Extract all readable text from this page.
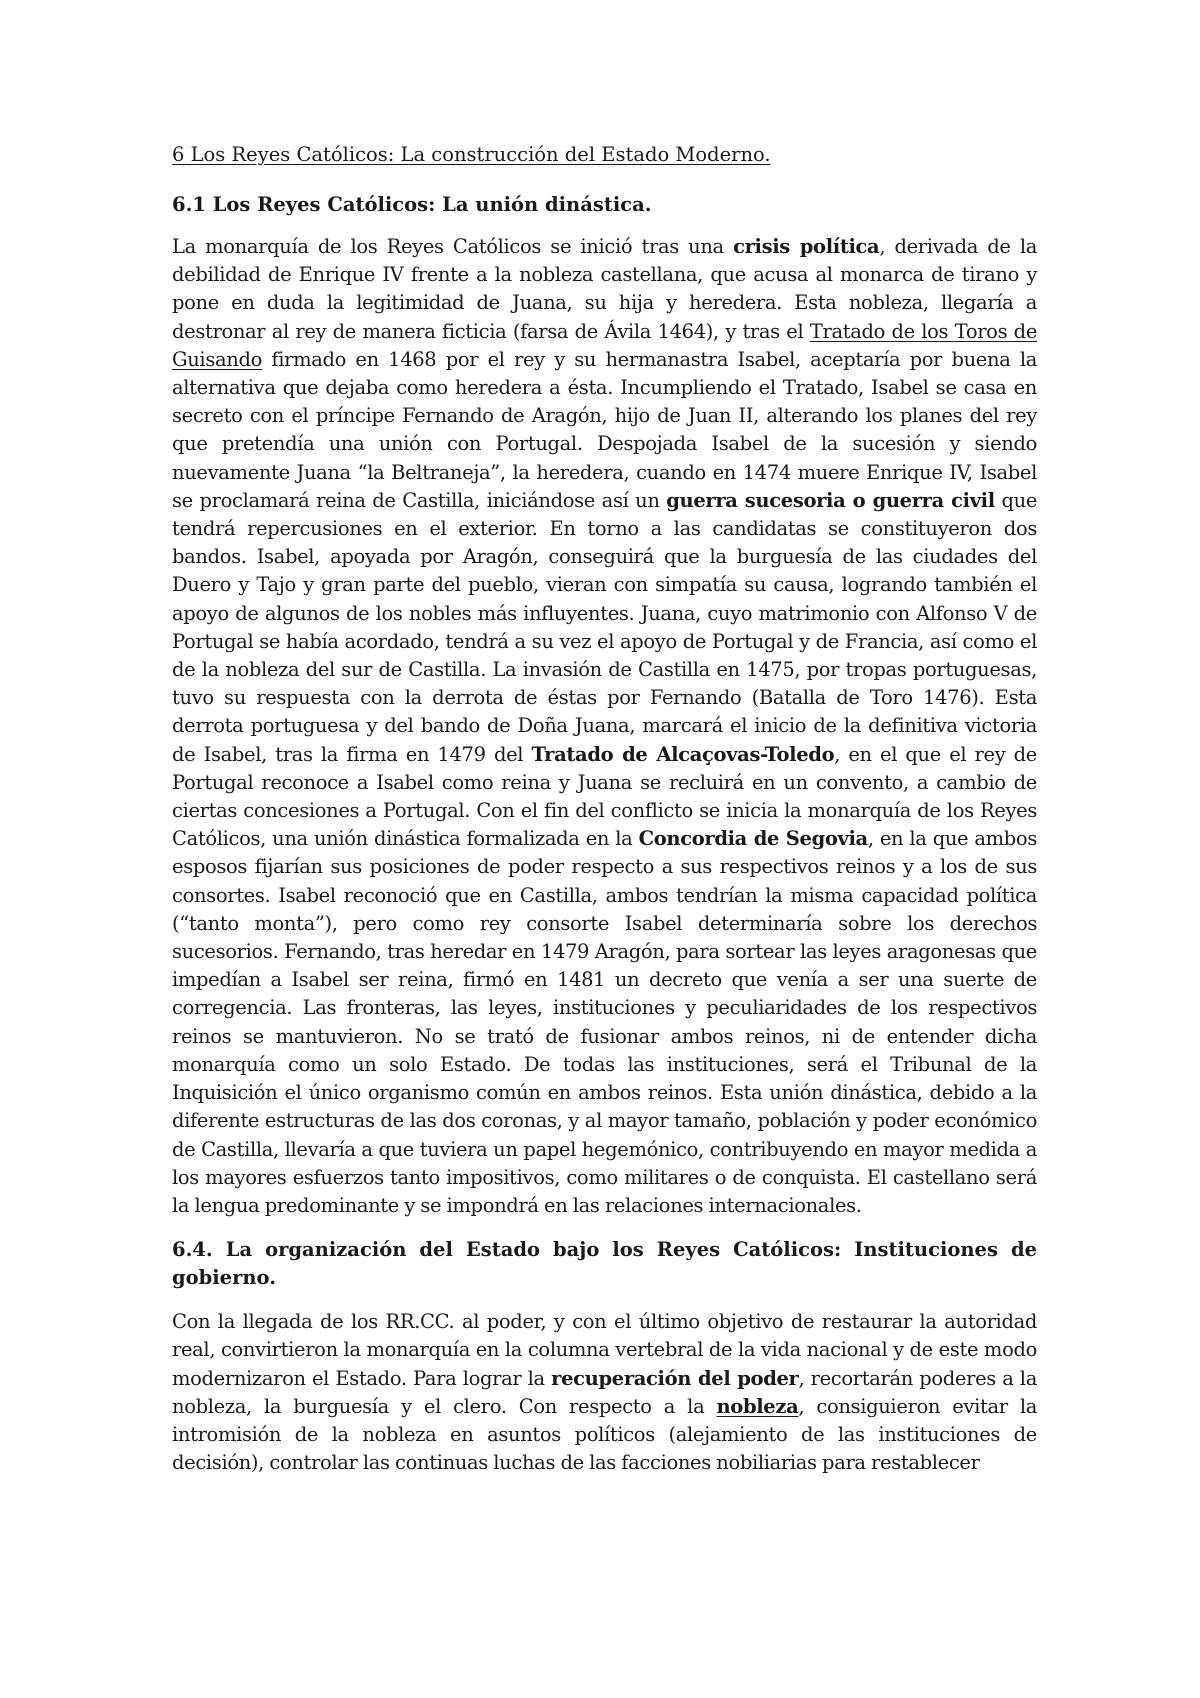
6 Los Reyes Católicos: La construcción del Estado Moderno.
6.1 Los Reyes Católicos: La unión dinástica.

La monarquía de los Reyes Católicos se inició tras una crisis política, derivada de la debilidad de Enrique IV frente a la nobleza castellana, que acusa al monarca de tirano y pone en duda la legitimidad de Juana, su hija y heredera. Esta nobleza, llegaría a destronar al rey de manera ficticia (farsa de Ávila 1464), y tras el Tratado de los Toros de Guisando firmado en 1468 por el rey y su hermanastra Isabel, aceptaría por buena la alternativa que dejaba como heredera a ésta. Incumpliendo el Tratado, Isabel se casa en secreto con el príncipe Fernando de Aragón, hijo de Juan II, alterando los planes del rey que pretendía una unión con Portugal. Despojada Isabel de la sucesión y siendo nuevamente Juana “la Beltraneja”, la heredera, cuando en 1474 muere Enrique IV, Isabel se proclamará reina de Castilla, iniciándose así un guerra sucesoria o guerra civil que tendrá repercusiones en el exterior. En torno a las candidatas se constituyeron dos bandos. Isabel, apoyada por Aragón, conseguirá que la burguesía de las ciudades del Duero y Tajo y gran parte del pueblo, vieran con simpatía su causa, logrando también el apoyo de algunos de los nobles más influyentes. Juana, cuyo matrimonio con Alfonso V de Portugal se había acordado, tendrá a su vez el apoyo de Portugal y de Francia, así como el de la nobleza del sur de Castilla. La invasión de Castilla en 1475, por tropas portuguesas, tuvo su respuesta con la derrota de éstas por Fernando (Batalla de Toro 1476). Esta derrota portuguesa y del bando de Doña Juana, marcará el inicio de la definitiva victoria de Isabel, tras la firma en 1479 del Tratado de Alcaçovas-Toledo, en el que el rey de Portugal reconoce a Isabel como reina y Juana se recluirá en un convento, a cambio de ciertas concesiones a Portugal. Con el fin del conflicto se inicia la monarquía de los Reyes Católicos, una unión dinástica formalizada en la Concordia de Segovia, en la que ambos esposos fijarían sus posiciones de poder respecto a sus respectivos reinos y a los de sus consortes. Isabel reconoció que en Castilla, ambos tendrían la misma capacidad política (“tanto monta”), pero como rey consorte Isabel determinaría sobre los derechos sucesorios. Fernando, tras heredar en 1479 Aragón, para sortear las leyes aragonesas que impedían a Isabel ser reina, firmó en 1481 un decreto que venía a ser una suerte de corregencia. Las fronteras, las leyes, instituciones y peculiaridades de los respectivos reinos se mantuvieron. No se trató de fusionar ambos reinos, ni de entender dicha monarquía como un solo Estado. De todas las instituciones, será el Tribunal de la Inquisición el único organismo común en ambos reinos. Esta unión dinástica, debido a la diferente estructuras de las dos coronas, y al mayor tamaño, población y poder económico de Castilla, llevaría a que tuviera un papel hegemónico, contribuyendo en mayor medida a los mayores esfuerzos tanto impositivos, como militares o de conquista. El castellano será la lengua predominante y se impondrá en las relaciones internacionales.

6.4. La organización del Estado bajo los Reyes Católicos: Instituciones de gobierno.

Con la llegada de los RR.CC. al poder, y con el último objetivo de restaurar la autoridad real, convirtieron la monarquía en la columna vertebral de la vida nacional y de este modo modernizaron el Estado. Para lograr la recuperación del poder, recortarán poderes a la nobleza, la burguesía y el clero. Con respecto a la nobleza, consiguieron evitar la intromisión de la nobleza en asuntos políticos (alejamiento de las instituciones de decisión), controlar las continuas luchas de las facciones nobiliarias para restablecer
